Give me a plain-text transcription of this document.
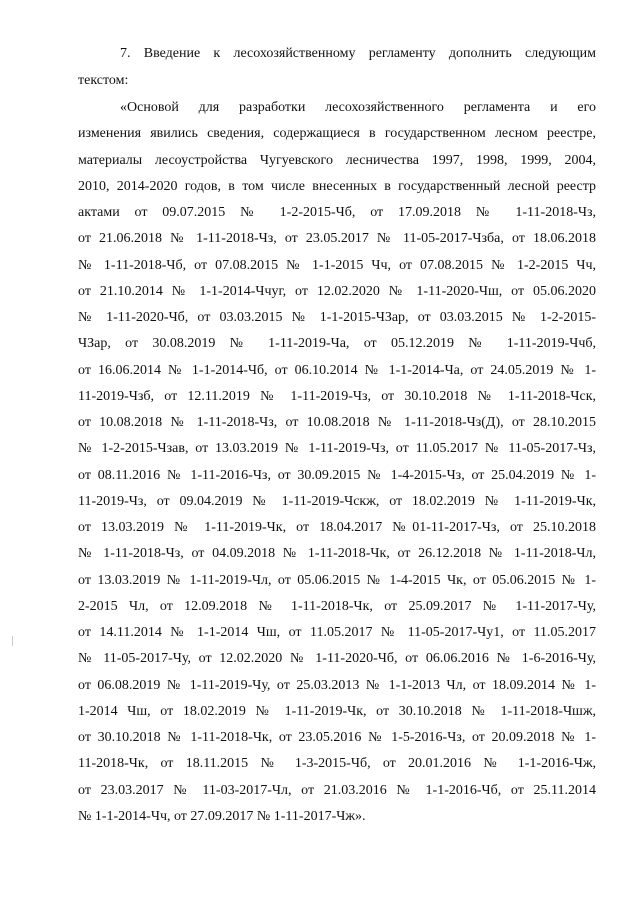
7. Введение к лесохозяйственному регламенту дополнить следующим
текстом:
«Основой для разработки лесохозяйственного регламента и его
изменения явились сведения, содержащиеся в государственном лесном реестре,
материалы лесоустройства Чугуевского лесничества 1997, 1998, 1999, 2004,
2010, 2014-2020 годов, в том числе внесенных в государственный лесной реестр
актами от 09.07.2015 № 1-2-2015-Чб, от 17.09.2018 № 1-11-2018-Чз,
от 21.06.2018 № 1-11-2018-Чз, от 23.05.2017 № 11-05-2017-Чзба, от 18.06.2018
№ 1-11-2018-Чб, от 07.08.2015 № 1-1-2015 Чч, от 07.08.2015 № 1-2-2015 Чч,
от 21.10.2014 № 1-1-2014-Ччуг, от 12.02.2020 № 1-11-2020-Чш, от 05.06.2020
№ 1-11-2020-Чб, от 03.03.2015 № 1-1-2015-ЧЗар, от 03.03.2015 № 1-2-2015-
ЧЗар, от 30.08.2019 № 1-11-2019-Ча, от 05.12.2019 № 1-11-2019-Ччб,
от 16.06.2014 № 1-1-2014-Чб, от 06.10.2014 № 1-1-2014-Ча, от 24.05.2019 № 1-
11-2019-Чзб, от 12.11.2019 № 1-11-2019-Чз, от 30.10.2018 № 1-11-2018-Чск,
от 10.08.2018 № 1-11-2018-Чз, от 10.08.2018 № 1-11-2018-Чз(Д), от 28.10.2015
№ 1-2-2015-Чзав, от 13.03.2019 № 1-11-2019-Чз, от 11.05.2017 № 11-05-2017-Чз,
от 08.11.2016 № 1-11-2016-Чз, от 30.09.2015 № 1-4-2015-Чз, от 25.04.2019 № 1-
11-2019-Чз, от 09.04.2019 № 1-11-2019-Чскж, от 18.02.2019 № 1-11-2019-Чк,
от 13.03.2019 № 1-11-2019-Чк, от 18.04.2017 №01-11-2017-Чз, от 25.10.2018
№ 1-11-2018-Чз, от 04.09.2018 № 1-11-2018-Чк, от 26.12.2018 № 1-11-2018-Чл,
от 13.03.2019 № 1-11-2019-Чл, от 05.06.2015 № 1-4-2015 Чк, от 05.06.2015 № 1-
2-2015 Чл, от 12.09.2018 № 1-11-2018-Чк, от 25.09.2017 № 1-11-2017-Чу,
от 14.11.2014 № 1-1-2014 Чш, от 11.05.2017 № 11-05-2017-Чу1, от 11.05.2017
№ 11-05-2017-Чу, от 12.02.2020 № 1-11-2020-Чб, от 06.06.2016 № 1-6-2016-Чу,
от 06.08.2019 № 1-11-2019-Чу, от 25.03.2013 № 1-1-2013 Чл, от 18.09.2014 № 1-
1-2014 Чш, от 18.02.2019 № 1-11-2019-Чк, от 30.10.2018 № 1-11-2018-Чшж,
от 30.10.2018 № 1-11-2018-Чк, от 23.05.2016 № 1-5-2016-Чз, от 20.09.2018 № 1-
11-2018-Чк, от 18.11.2015 № 1-3-2015-Чб, от 20.01.2016 № 1-1-2016-Чж,
от 23.03.2017 № 11-03-2017-Чл, от 21.03.2016 № 1-1-2016-Чб, от 25.11.2014
№ 1-1-2014-Чч, от 27.09.2017 № 1-11-2017-Чж».
